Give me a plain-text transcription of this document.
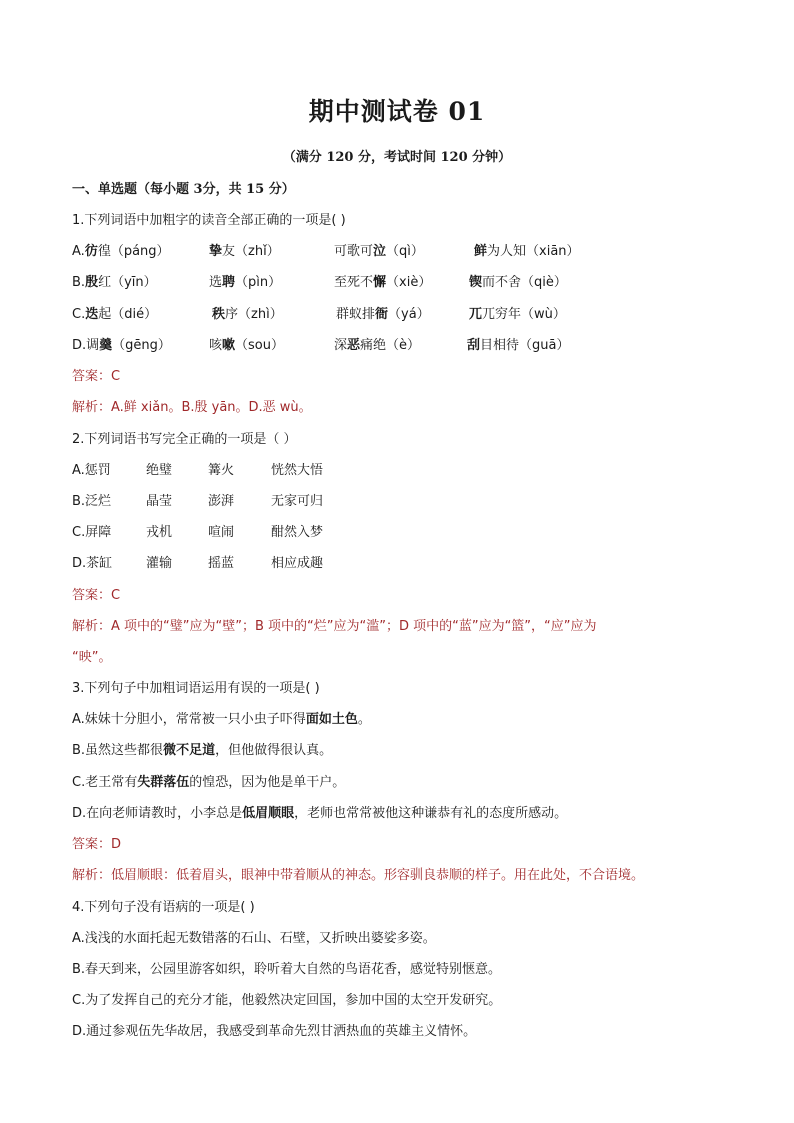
期中测试卷 01
（满分 120 分，考试时间 120 分钟）
一、单选题（每小题 3分，共 15 分）
1.下列词语中加粗字的读音全部正确的一项是( )
A.彷徨（páng）	挚友（zhǐ）	可歌可泣（qì）	鲜为人知（xiān）
B.殷红（yīn）	选聘（pìn）	至死不懈（xiè）	锲而不舍（qiè）
C.迭起（dié）	秩序（zhì）	群蚁排衙（yá）	兀兀穷年（wù）
D.调羹（gēng）	咳嗽（sou）	深恶痛绝（è）	刮目相待（guā）
答案：C
解析：A.鲜 xiǎn。B.殷 yān。D.恶 wù。
2.下列词语书写完全正确的一项是（ ）
A.惩罚	绝璧	篝火	恍然大悟
B.泛烂	晶莹	澎湃	无家可归
C.屏障	戎机	喧闹	酣然入梦
D.茶缸	灌输	摇蓝	相应成趣
答案：C
解析：A 项中的“璧”应为“壁”；B 项中的“烂”应为“滥”；D 项中的“蓝”应为“篮”，“应”应为
“映”。
3.下列句子中加粗词语运用有误的一项是( )
A.妹妹十分胆小，常常被一只小虫子吓得面如土色。
B.虽然这些都很微不足道，但他做得很认真。
C.老王常有失群落伍的惶恐，因为他是单干户。
D.在向老师请教时，小李总是低眉顺眼，老师也常常被他这种谦恭有礼的态度所感动。
答案：D
解析：低眉顺眼：低着眉头，眼神中带着顺从的神态。形容驯良恭顺的样子。用在此处，不合语境。
4.下列句子没有语病的一项是( )
A.浅浅的水面托起无数错落的石山、石壁，又折映出婆娑多姿。
B.春天到来，公园里游客如织，聆听着大自然的鸟语花香，感觉特别惬意。
C.为了发挥自己的充分才能，他毅然决定回国，参加中国的太空开发研究。
D.通过参观伍先华故居，我感受到革命先烈甘洒热血的英雄主义情怀。
